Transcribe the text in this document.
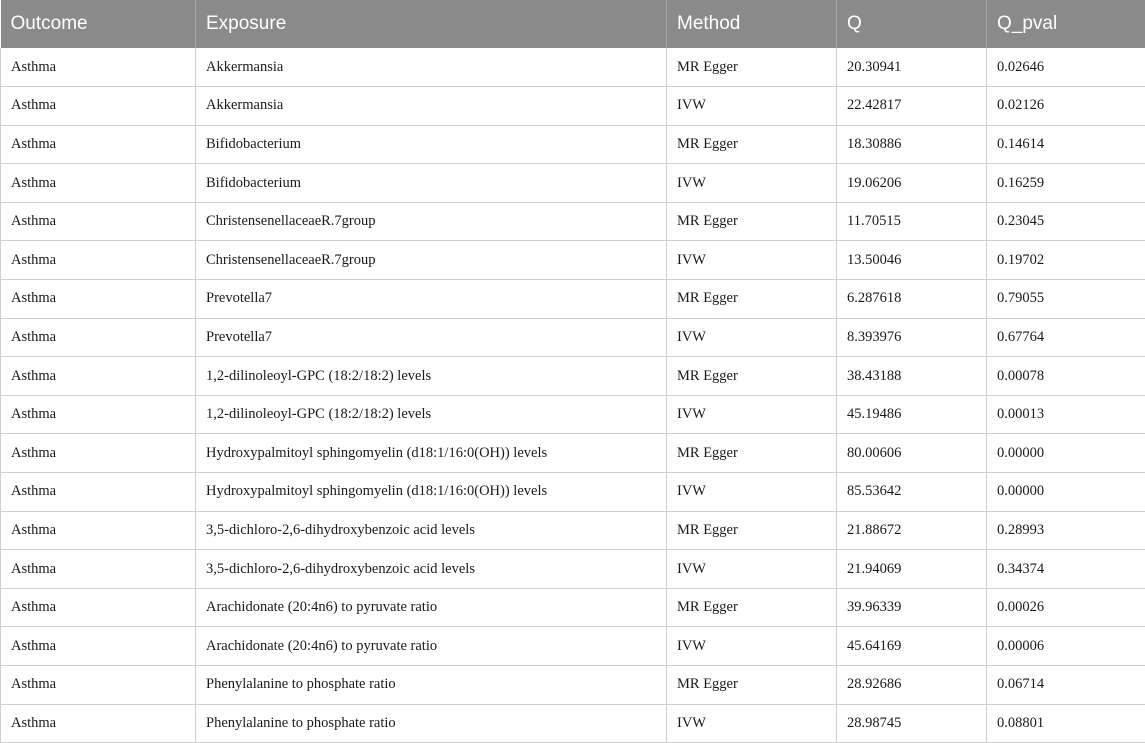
Outcome	Exposure	Method	Q	Q_pval
Asthma	Akkermansia	MR Egger	20.30941	0.02646
Asthma	Akkermansia	IVW	22.42817	0.02126
Asthma	Bifidobacterium	MR Egger	18.30886	0.14614
Asthma	Bifidobacterium	IVW	19.06206	0.16259
Asthma	ChristensenellaceaeR.7group	MR Egger	11.70515	0.23045
Asthma	ChristensenellaceaeR.7group	IVW	13.50046	0.19702
Asthma	Prevotella7	MR Egger	6.287618	0.79055
Asthma	Prevotella7	IVW	8.393976	0.67764
Asthma	1,2-dilinoleoyl-GPC (18:2/18:2) levels	MR Egger	38.43188	0.00078
Asthma	1,2-dilinoleoyl-GPC (18:2/18:2) levels	IVW	45.19486	0.00013
Asthma	Hydroxypalmitoyl sphingomyelin (d18:1/16:0(OH)) levels	MR Egger	80.00606	0.00000
Asthma	Hydroxypalmitoyl sphingomyelin (d18:1/16:0(OH)) levels	IVW	85.53642	0.00000
Asthma	3,5-dichloro-2,6-dihydroxybenzoic acid levels	MR Egger	21.88672	0.28993
Asthma	3,5-dichloro-2,6-dihydroxybenzoic acid levels	IVW	21.94069	0.34374
Asthma	Arachidonate (20:4n6) to pyruvate ratio	MR Egger	39.96339	0.00026
Asthma	Arachidonate (20:4n6) to pyruvate ratio	IVW	45.64169	0.00006
Asthma	Phenylalanine to phosphate ratio	MR Egger	28.92686	0.06714
Asthma	Phenylalanine to phosphate ratio	IVW	28.98745	0.08801
